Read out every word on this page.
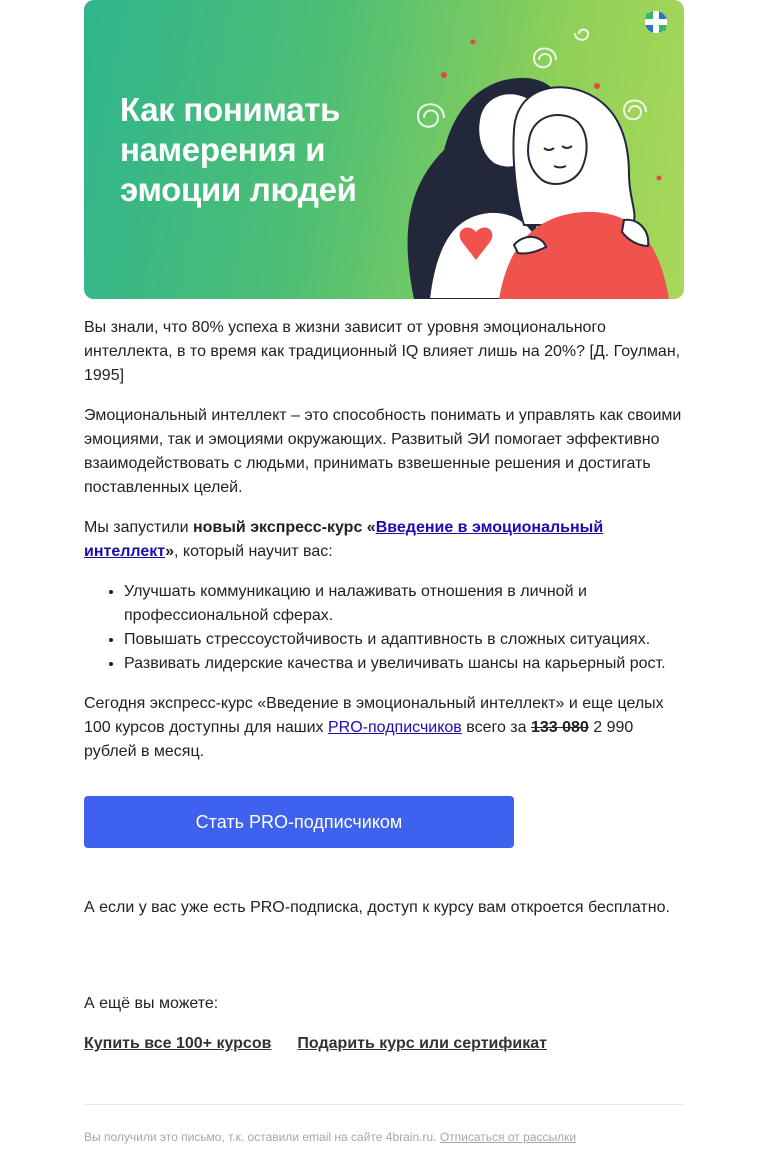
Как понимать
намерения и
эмоции людей

Вы знали, что 80% успеха в жизни зависит от уровня эмоционального интеллекта, в то время как традиционный IQ влияет лишь на 20%? [Д. Гоулман, 1995]

Эмоциональный интеллект – это способность понимать и управлять как своими эмоциями, так и эмоциями окружающих. Развитый ЭИ помогает эффективно взаимодействовать с людьми, принимать взвешенные решения и достигать поставленных целей.

Мы запустили новый экспресс-курс «Введение в эмоциональный интеллект», который научит вас:

• Улучшать коммуникацию и налаживать отношения в личной и профессиональной сферах.
• Повышать стрессоустойчивость и адаптивность в сложных ситуациях.
• Развивать лидерские качества и увеличивать шансы на карьерный рост.

Сегодня экспресс-курс «Введение в эмоциональный интеллект» и еще целых 100 курсов доступны для наших PRO-подписчиков всего за 133 080 2 990 рублей в месяц.

Стать PRO-подписчиком

А если у вас уже есть PRO-подписка, доступ к курсу вам откроется бесплатно.

А ещё вы можете:

Купить все 100+ курсов Подарить курс или сертификат
Вы получили это письмо, т.к. оставили email на сайте 4brain.ru. Отписаться от рассылки
